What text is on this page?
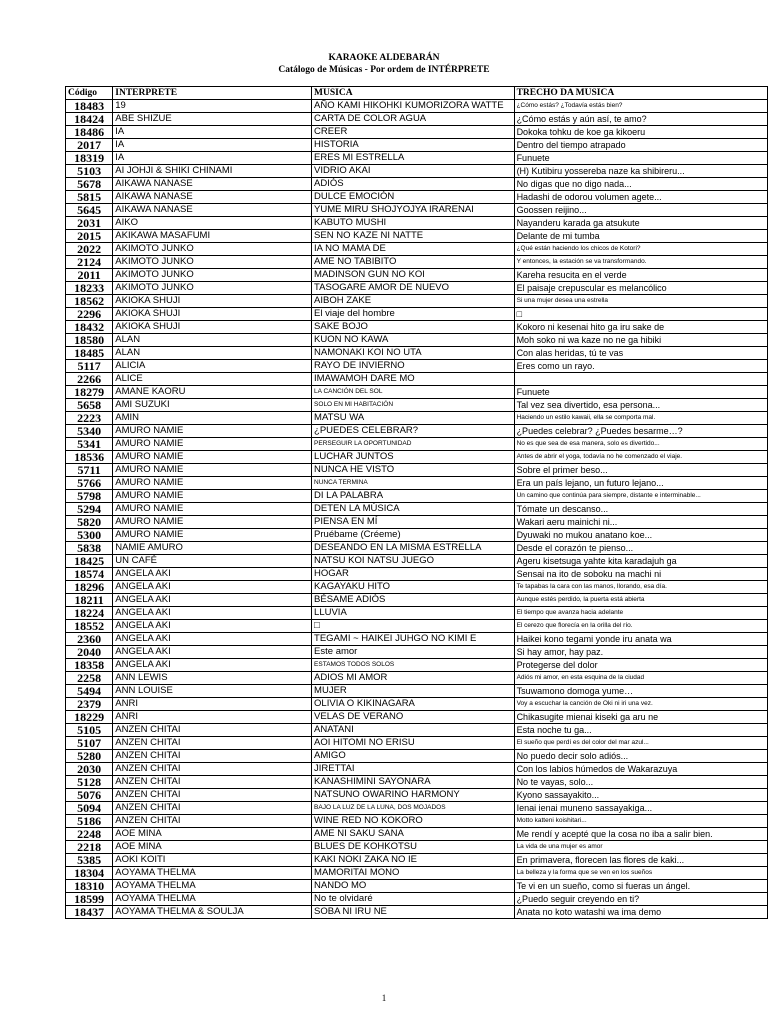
KARAOKE ALDEBARÁN
Catálogo de Músicas - Por ordem de INTÉRPRETE
Código	INTERPRETE	MUSICA	TRECHO DA MUSICA
18483	19	AÑO KAMI HIKOHKI KUMORIZORA WATTE	¿Cómo estás? ¿Todavía estás bien?
18424	ABE SHIZUE	CARTA DE COLOR AGUA	¿Cómo estás y aún así, te amo?
18486	IA	CREER	Dokoka tohku de koe ga kikoeru
2017	IA	HISTORIA	Dentro del tiempo atrapado
18319	IA	ERES MI ESTRELLA	Funuete
5103	AI JOHJI & SHIKI CHINAMI	VIDRIO AKAI	(H) Kutibiru yossereba naze ka shibireru...
5678	AIKAWA NANASE	ADIÓS	No digas que no digo nada...
5815	AIKAWA NANASE	DULCE EMOCIÓN	Hadashi de odorou volumen agete...
5645	AIKAWA NANASE	YUME MIRU SHOJYOJYA IRARENAI	Goossen reijino...
2031	AIKO	KABUTO MUSHI	Nayanderu karada ga atsukute
2015	AKIKAWA MASAFUMI	SEN NO KAZE NI NATTE	Delante de mi tumba
2022	AKIMOTO JUNKO	IA NO MAMA DE	¿Qué están haciendo los chicos de Kotori?
2124	AKIMOTO JUNKO	AME NO TABIBITO	Y entonces, la estación se va transformando.
2011	AKIMOTO JUNKO	MADINSON GUN NO KOI	Kareha resucita en el verde
18233	AKIMOTO JUNKO	TASOGARE AMOR DE NUEVO	El paisaje crepuscular es melancólico
18562	AKIOKA SHUJI	AIBOH ZAKE	Si una mujer desea una estrella
2296	AKIOKA SHUJI	El viaje del hombre	□
18432	AKIOKA SHUJI	SAKE BOJO	Kokoro ni kesenai hito ga iru sake de
18580	ALAN	KUON NO KAWA	Moh soko ni wa kaze no ne ga hibiki
18485	ALAN	NAMONAKI KOI NO UTA	Con alas heridas, tú te vas
5117	ALICIA	RAYO DE INVIERNO	Eres como un rayo.
2266	ALICE	IMAWAMOH DARE MO	
18279	AMANE KAORU	LA CANCIÓN DEL SOL	Funuete
5658	AMI SUZUKI	SOLO EN MI HABITACIÓN	Tal vez sea divertido, esa persona...
2223	AMIN	MATSU WA	Haciendo un estilo kawaii, ella se comporta mal.
5340	AMURO NAMIE	¿PUEDES CELEBRAR?	¿Puedes celebrar? ¿Puedes besarme…?
5341	AMURO NAMIE	PERSEGUIR LA OPORTUNIDAD	No es que sea de esa manera, solo es divertido...
18536	AMURO NAMIE	LUCHAR JUNTOS	Antes de abrir el yoga, todavía no he comenzado el viaje.
5711	AMURO NAMIE	NUNCA HE VISTO	Sobre el primer beso...
5766	AMURO NAMIE	NUNCA TERMINA	Era un país lejano, un futuro lejano...
5798	AMURO NAMIE	DI LA PALABRA	Un camino que continúa para siempre, distante e interminable...
5294	AMURO NAMIE	DETEN LA MÚSICA	Tómate un descanso...
5820	AMURO NAMIE	PIENSA EN MÍ	Wakari aeru mainichi ni...
5300	AMURO NAMIE	Pruébame (Créeme)	Dyuwaki no mukou anatano koe...
5838	NAMIE AMURO	DESEANDO EN LA MISMA ESTRELLA	Desde el corazón te pienso...
18425	UN CAFÉ	NATSU KOI NATSU JUEGO	Ageru kisetsuga yahte kita karadajuh ga
18574	ANGELA AKI	HOGAR	Sensai na ito de soboku na machi ni
18296	ANGELA AKI	KAGAYAKU HITO	Te tapabas la cara con las manos, llorando, esa día.
18211	ANGELA AKI	BÉSAME ADIÓS	Aunque estés perdido, la puerta está abierta
18224	ANGELA AKI	LLUVIA	El tiempo que avanza hacia adelante
18552	ANGELA AKI	□	El cerezo que florecía en la orilla del río.
2360	ANGELA AKI	TEGAMI ~ HAIKEI JUHGO NO KIMI E	Haikei kono tegami yonde iru anata wa
2040	ANGELA AKI	Este amor	Si hay amor, hay paz.
18358	ANGELA AKI	ESTAMOS TODOS SOLOS	Protegerse del dolor
2258	ANN LEWIS	ADIOS MI AMOR	Adiós mi amor, en esta esquina de la ciudad
5494	ANN LOUISE	MUJER	Tsuwamono domoga yume…
2379	ANRI	OLIVIA O KIKINAGARA	Voy a escuchar la canción de Oki ni iri una vez.
18229	ANRI	VELAS DE VERANO	Chikasugite mienai kiseki ga aru ne
5105	ANZEN CHITAI	ANATANI	Esta noche tu ga...
5107	ANZEN CHITAI	AOI HITOMI NO ERISU	El sueño que perdí es del color del mar azul...
5280	ANZEN CHITAI	AMIGO	No puedo decir solo adiós...
2030	ANZEN CHITAI	JIRETTAI	Con los labios húmedos de Wakarazuya
5128	ANZEN CHITAI	KANASHIMINI SAYONARA	No te vayas, solo...
5076	ANZEN CHITAI	NATSUNO OWARINO HARMONY	Kyono sassayakito...
5094	ANZEN CHITAI	BAJO LA LUZ DE LA LUNA, DOS MOJADOS	Ienai ienai muneno sassayakiga...
5186	ANZEN CHITAI	WINE RED NO KOKORO	Motto katteni koishitari...
2248	AOE MINA	AME NI SAKU SANA	Me rendí y acepté que la cosa no iba a salir bien.
2218	AOE MINA	BLUES DE KOHKOTSU	La vida de una mujer es amor
5385	AOKI KOITI	KAKI NOKI ZAKA NO IE	En primavera, florecen las flores de kaki...
18304	AOYAMA THELMA	MAMORITAI MONO	La belleza y la forma que se ven en los sueños
18310	AOYAMA THELMA	NANDO MO	Te vi en un sueño, como si fueras un ángel.
18599	AOYAMA THELMA	No te olvidaré	¿Puedo seguir creyendo en ti?
18437	AOYAMA THELMA & SOULJA	SOBA NI IRU NE	Anata no koto watashi wa ima demo
1
